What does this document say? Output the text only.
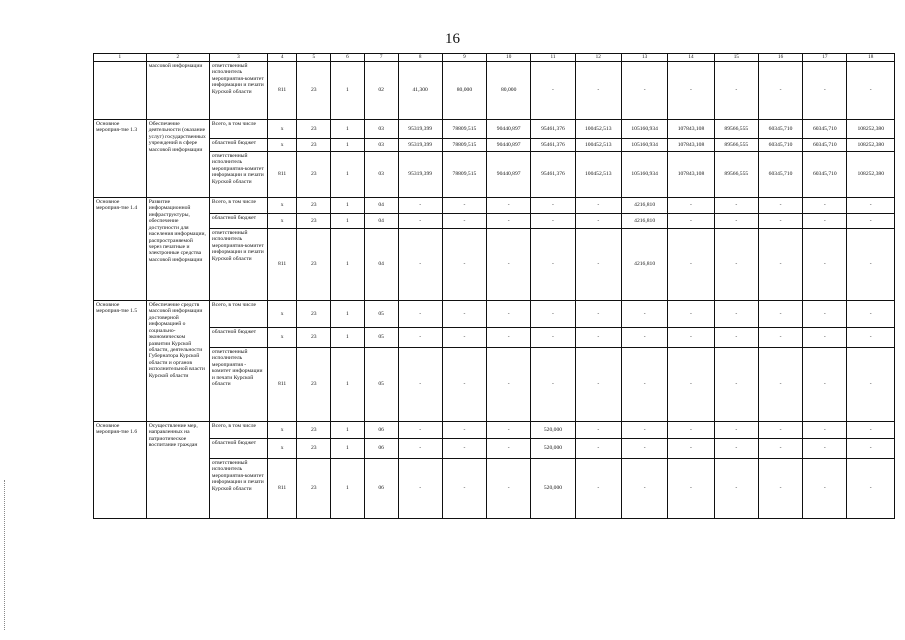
16
1	2	3	4	5	6	7	8	9	10	11	12	13	14	15	16	17	18
	массовой информации	ответственный исполнитель мероприятия-комитет информации и печати Курской области	811	23	1	02	41,300	80,000	80,000	-	-	-	-	-	-	-	-
Основное мероприя-тие 1.3	Обеспечение деятельности (оказание услуг) государственных учреждений в сфере массовой информации	Всего, в том числе	x	23	1	03	95319,399	78809,515	90440,897	95461,376	100452,513	105160,934	107843,108	89566,555	60345,710	60345,710	108252,380
		областной бюджет	x	23	1	03	95319,399	78809,515	90440,897	95461,376	100452,513	105160,934	107843,108	89566,555	60345,710	60345,710	108252,380
		ответственный исполнитель мероприятия-комитет информации и печати Курской области	811	23	1	03	95319,399	78809,515	90440,897	95461,376	100452,513	105160,934	107843,108	89566,555	60345,710	60345,710	108252,380
Основное мероприя-тие 1.4	Развитие информационной инфраструктуры, обеспечение доступности для населения информации, распространяемой через печатные и электронные средства массовой информации	Всего, в том числе	x	23	1	04	-	-	-	-	-	4216,810	-	-	-	-	-
		областной бюджет	x	23	1	04	-	-	-	-	-	4216,810	-	-	-	-	-
		ответственный исполнитель мероприятия-комитет информации и печати Курской области	811	23	1	04	-	-	-	-	-	4216,810	-	-	-	-	-
Основное мероприя-тие 1.5	Обеспечение средств массовой информации достоверной информацией о социально-экономическом развитии Курской области, деятельности Губернатора Курской области и органов исполнительной власти Курской области	Всего, в том числе	x	23	1	05	-	-	-	-	-	-	-	-	-	-	-
		областной бюджет	x	23	1	05	-	-	-	-	-	-	-	-	-	-	-
		ответственный исполнитель мероприятия - комитет информации и печати Курской области	811	23	1	05	-	-	-	-	-	-	-	-	-	-	-
Основное мероприя-тие 1.6	Осуществление мер, направленных на патриотическое воспитание граждан	Всего, в том числе	x	23	1	06	-	-	-	520,000	-	-	-	-	-	-	-
		областной бюджет	x	23	1	06	-	-	-	520,000	-	-	-	-	-	-	-
		ответственный исполнитель мероприятия-комитет информации и печати Курской области	811	23	1	06	-	-	-	520,000	-	-	-	-	-	-	-
